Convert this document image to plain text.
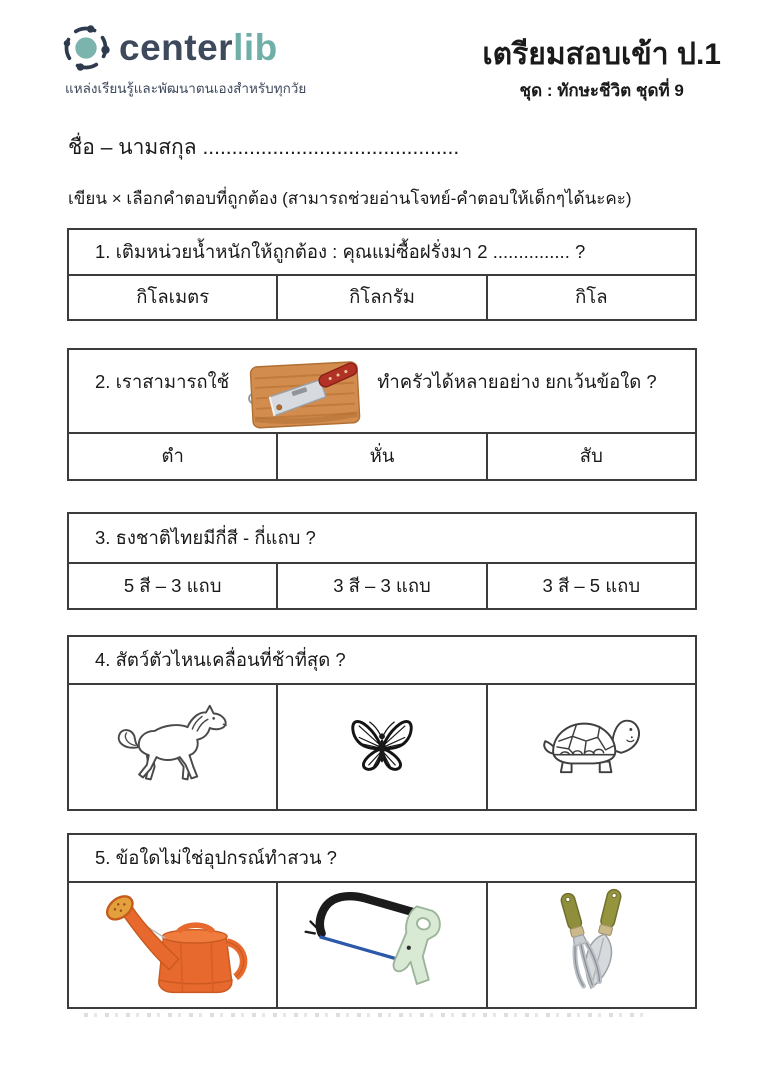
centerlib
แหล่งเรียนรู้และพัฒนาตนเองสำหรับทุกวัย
เตรียมสอบเข้า ป.1
ชุด : ทักษะชีวิต ชุดที่ 9
ชื่อ – นามสกุล ............................................
เขียน × เลือกคำตอบที่ถูกต้อง (สามารถช่วยอ่านโจทย์-คำตอบให้เด็กๆได้นะคะ)
1. เติมหน่วยน้ำหนักให้ถูกต้อง : คุณแม่ซื้อฝรั่งมา 2 ............... ?
กิโลเมตร	กิโลกรัม	กิโล
2. เราสามารถใช้	ทำครัวได้หลายอย่าง ยกเว้นข้อใด ?
ตำ	หั่น	สับ
3. ธงชาติไทยมีกี่สี - กี่แถบ ?
5 สี – 3 แถบ	3 สี – 3 แถบ	3 สี – 5 แถบ
4. สัตว์ตัวไหนเคลื่อนที่ช้าที่สุด ?
5. ข้อใดไม่ใช่อุปกรณ์ทำสวน ?
